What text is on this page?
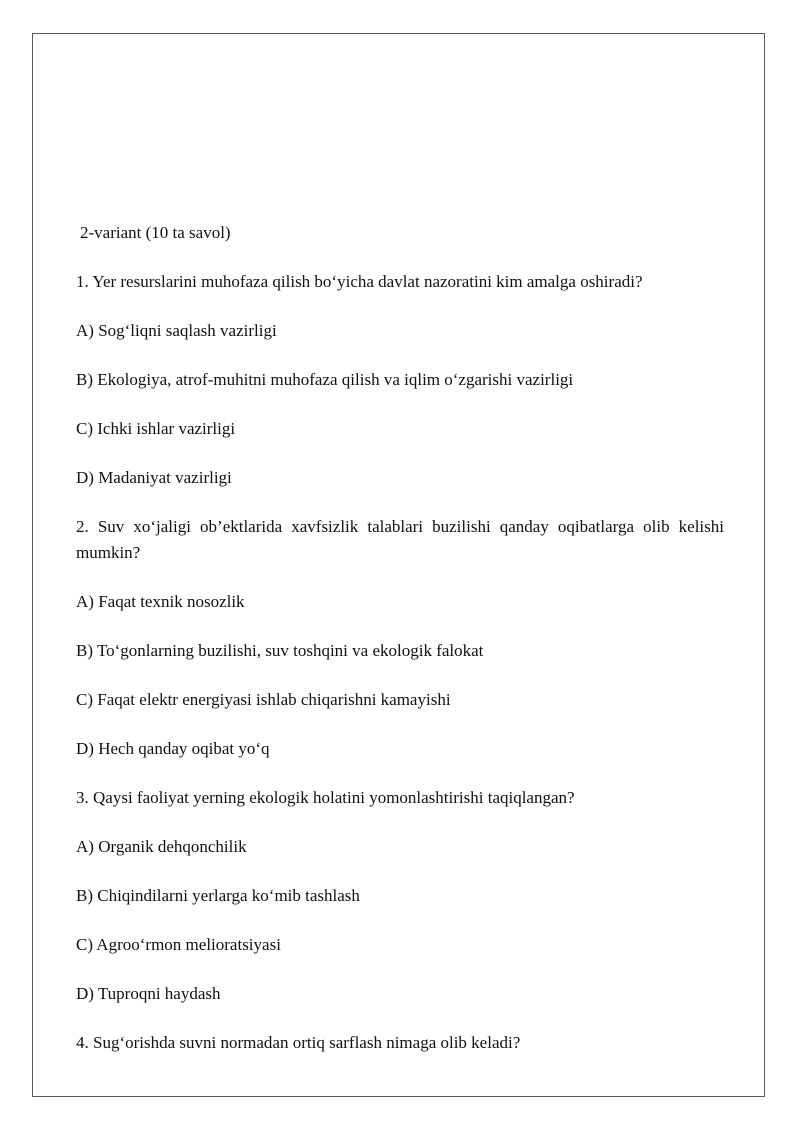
2-variant (10 ta savol)
1. Yer resurslarini muhofaza qilish bo‘yicha davlat nazoratini kim amalga oshiradi?
A) Sog‘liqni saqlash vazirligi
B) Ekologiya, atrof-muhitni muhofaza qilish va iqlim o‘zgarishi vazirligi
C) Ichki ishlar vazirligi
D) Madaniyat vazirligi
2. Suv xo‘jaligi ob’ektlarida xavfsizlik talablari buzilishi qanday oqibatlarga olib kelishi mumkin?
A) Faqat texnik nosozlik
B) To‘gonlarning buzilishi, suv toshqini va ekologik falokat
C) Faqat elektr energiyasi ishlab chiqarishni kamayishi
D) Hech qanday oqibat yo‘q
3. Qaysi faoliyat yerning ekologik holatini yomonlashtirishi taqiqlangan?
A) Organik dehqonchilik
B) Chiqindilarni yerlarga ko‘mib tashlash
C) Agroo‘rmon melioratsiyasi
D) Tuproqni haydash
4. Sug‘orishda suvni normadan ortiq sarflash nimaga olib keladi?
